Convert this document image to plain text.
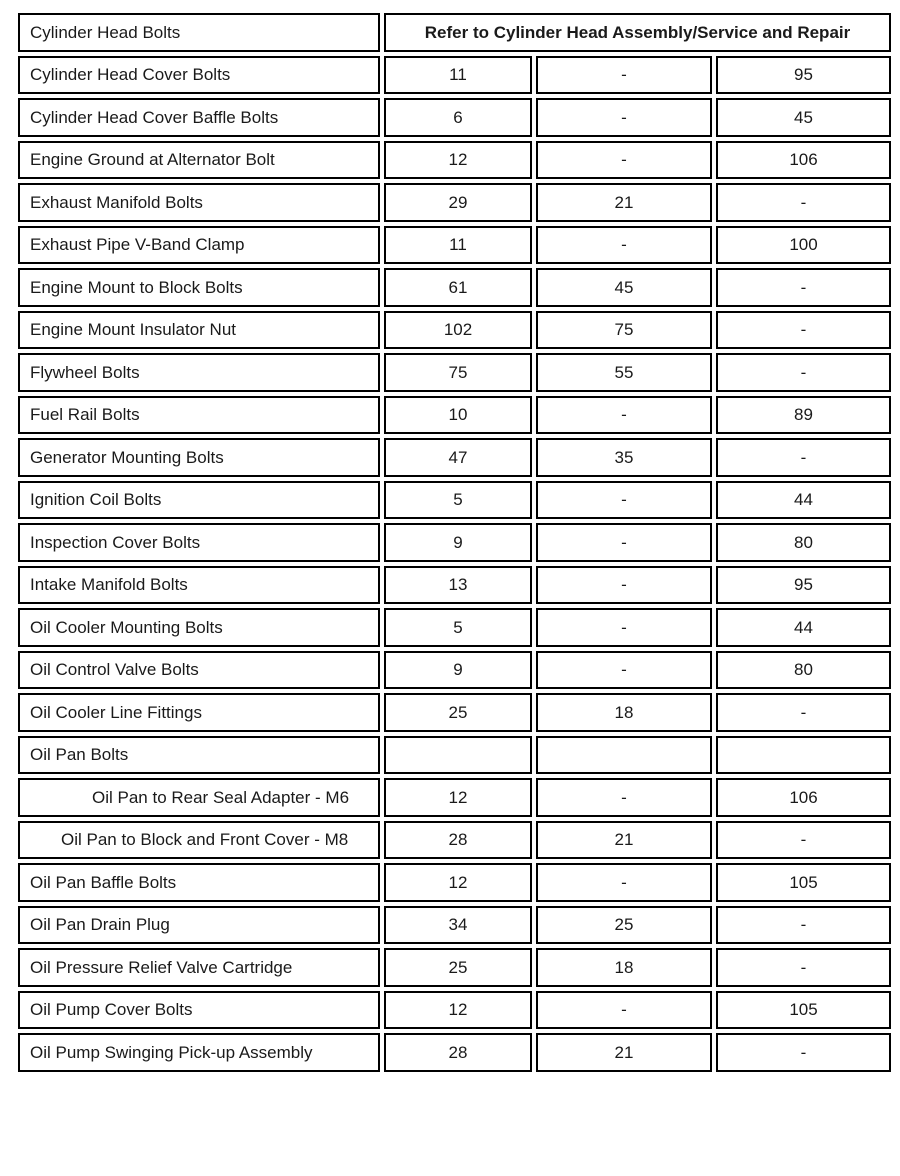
Cylinder Head Bolts	Refer to Cylinder Head Assembly/Service and Repair		
Cylinder Head Cover Bolts	11	-	95
Cylinder Head Cover Baffle Bolts	6	-	45
Engine Ground at Alternator Bolt	12	-	106
Exhaust Manifold Bolts	29	21	-
Exhaust Pipe V-Band Clamp	11	-	100
Engine Mount to Block Bolts	61	45	-
Engine Mount Insulator Nut	102	75	-
Flywheel Bolts	75	55	-
Fuel Rail Bolts	10	-	89
Generator Mounting Bolts	47	35	-
Ignition Coil Bolts	5	-	44
Inspection Cover Bolts	9	-	80
Intake Manifold Bolts	13	-	95
Oil Cooler Mounting Bolts	5	-	44
Oil Control Valve Bolts	9	-	80
Oil Cooler Line Fittings	25	18	-
Oil Pan Bolts			
Oil Pan to Rear Seal Adapter - M6	12	-	106
Oil Pan to Block and Front Cover - M8	28	21	-
Oil Pan Baffle Bolts	12	-	105
Oil Pan Drain Plug	34	25	-
Oil Pressure Relief Valve Cartridge	25	18	-
Oil Pump Cover Bolts	12	-	105
Oil Pump Swinging Pick-up Assembly	28	21	-
